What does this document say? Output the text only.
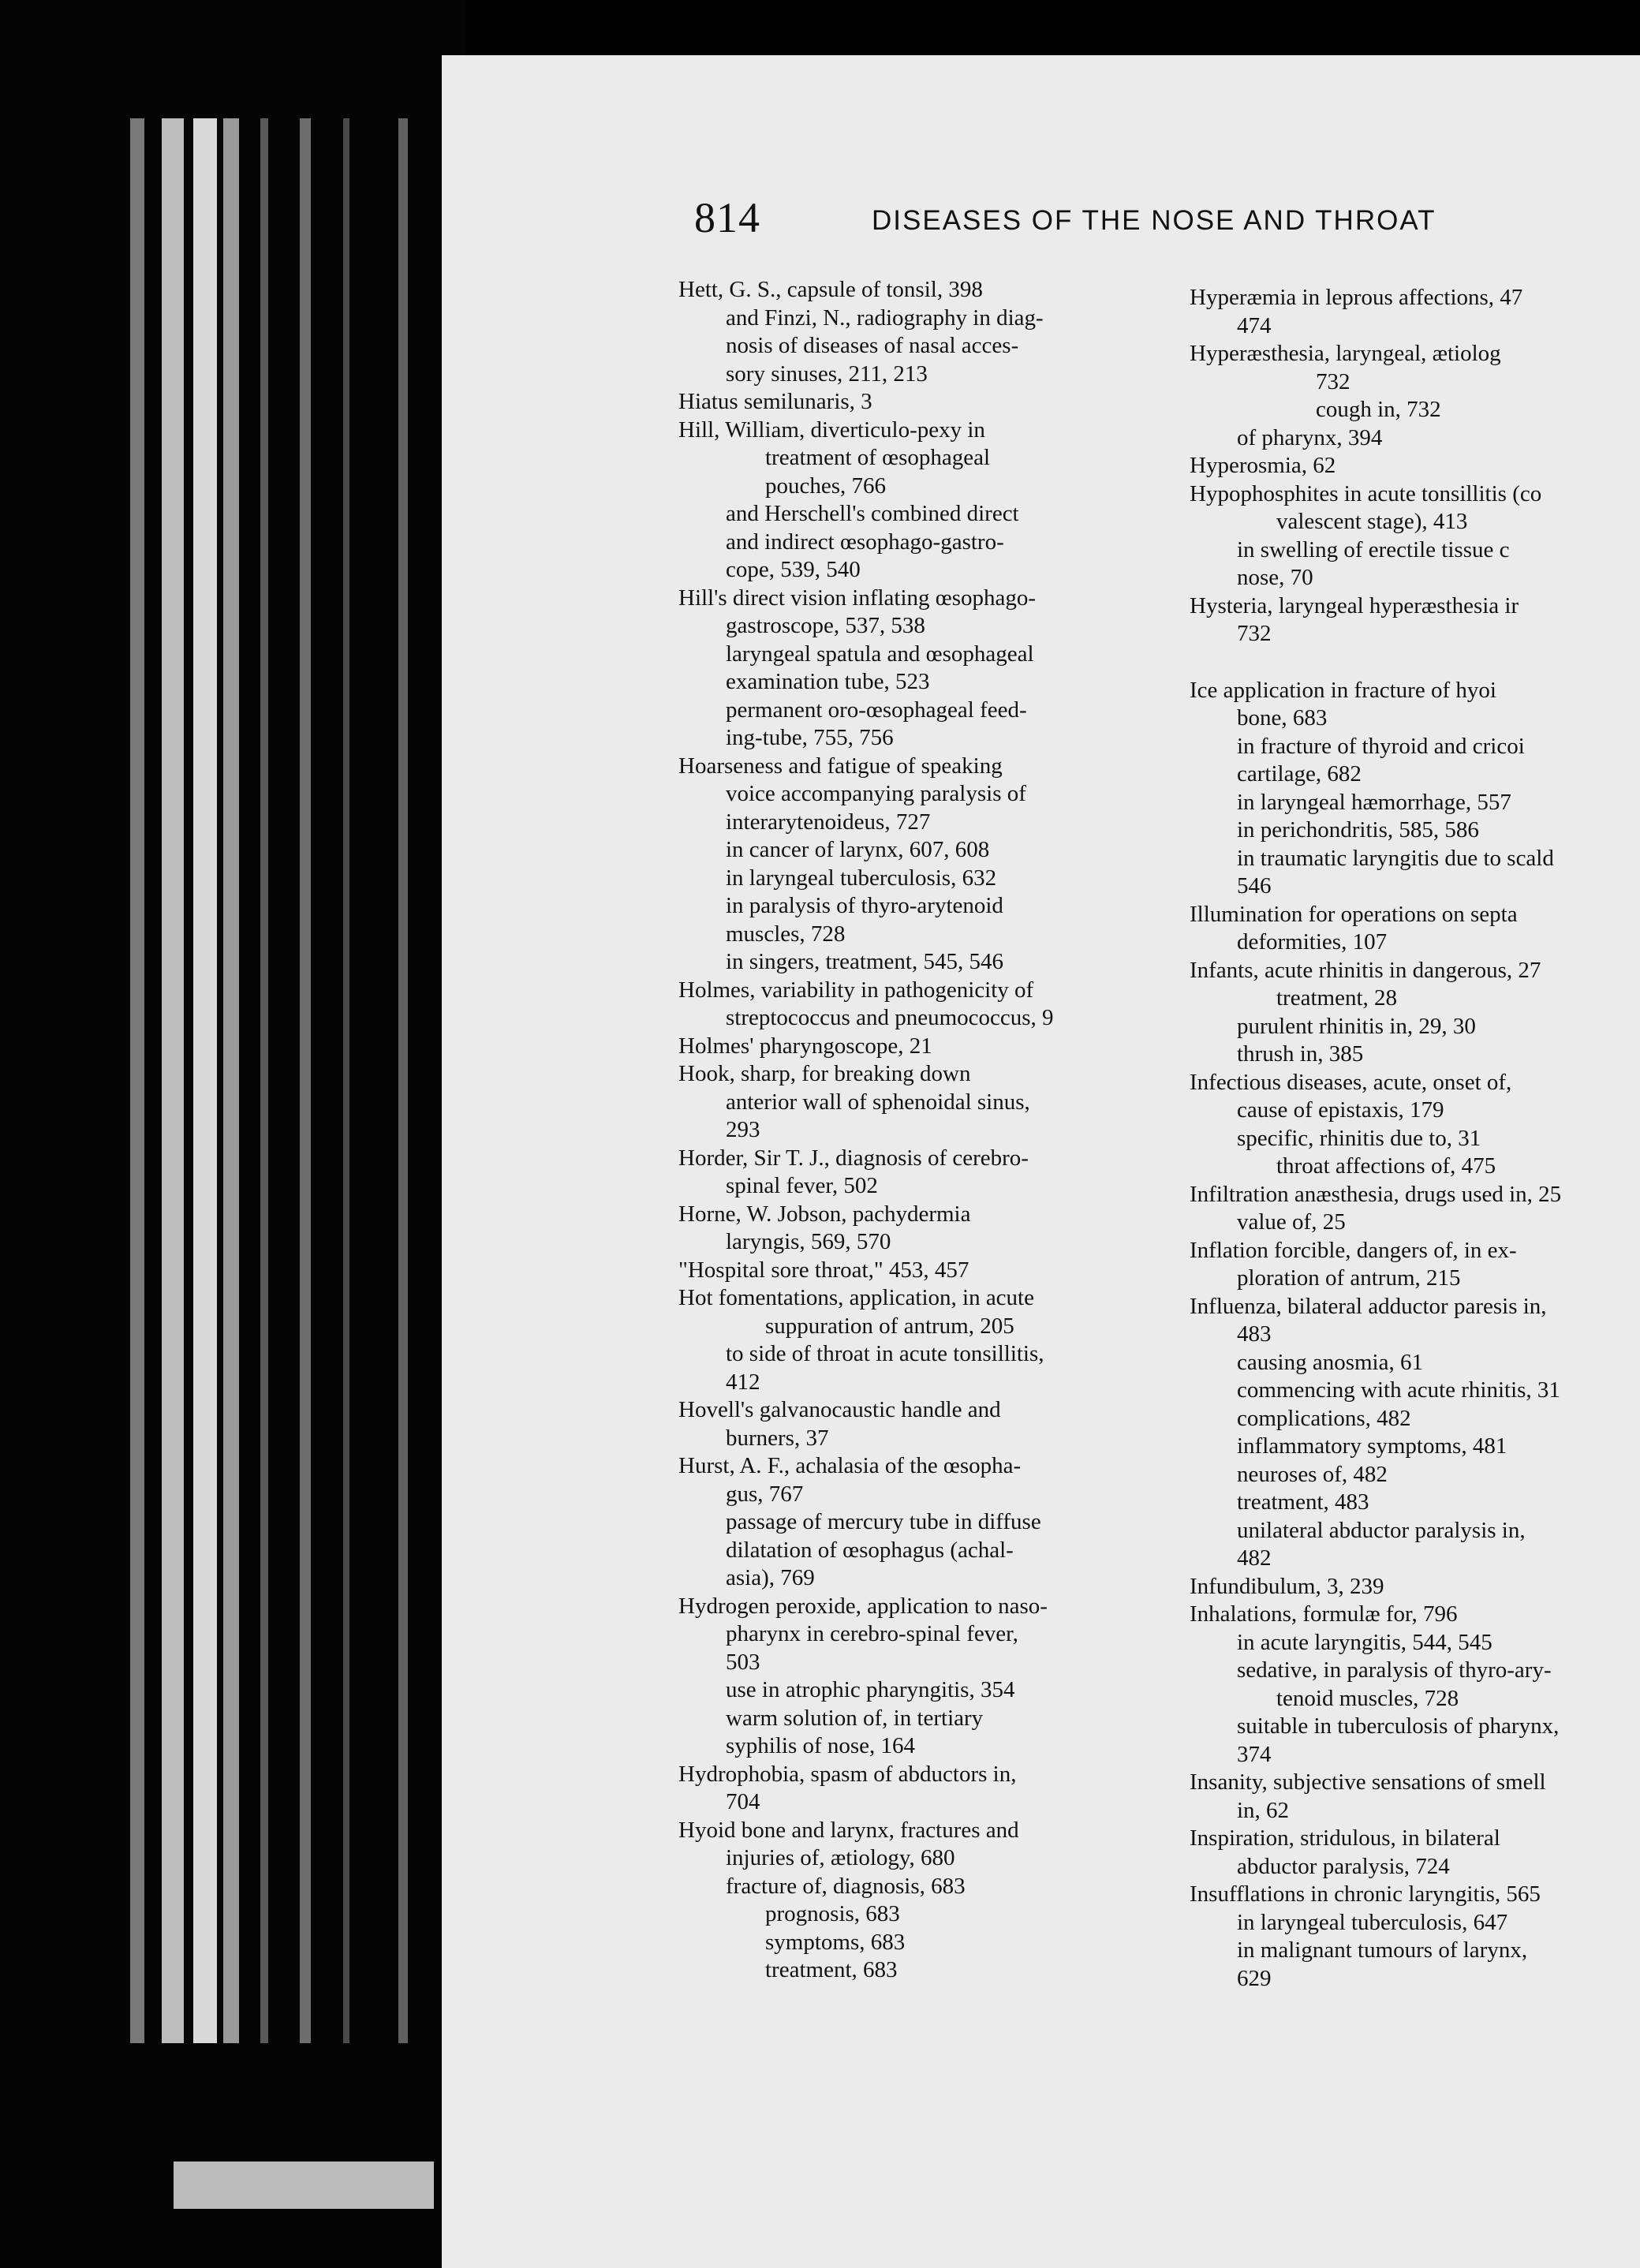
814	DISEASES OF THE NOSE AND THROAT
Hett, G. S., capsule of tonsil, 398
and Finzi, N., radiography in diag-
nosis of diseases of nasal acces-
sory sinuses, 211, 213
Hiatus semilunaris, 3
Hill, William, diverticulo-pexy in
treatment of œsophageal
pouches, 766
and Herschell's combined direct
and indirect œsophago-gastro-
cope, 539, 540
Hill's direct vision inflating œsophago-
gastroscope, 537, 538
laryngeal spatula and œsophageal
examination tube, 523
permanent oro-œsophageal feed-
ing-tube, 755, 756
Hoarseness and fatigue of speaking
voice accompanying paralysis of
interarytenoideus, 727
in cancer of larynx, 607, 608
in laryngeal tuberculosis, 632
in paralysis of thyro-arytenoid
muscles, 728
in singers, treatment, 545, 546
Holmes, variability in pathogenicity of
streptococcus and pneumococcus, 9
Holmes' pharyngoscope, 21
Hook, sharp, for breaking down
anterior wall of sphenoidal sinus,
293
Horder, Sir T. J., diagnosis of cerebro-
spinal fever, 502
Horne, W. Jobson, pachydermia
laryngis, 569, 570
"Hospital sore throat," 453, 457
Hot fomentations, application, in acute
suppuration of antrum, 205
to side of throat in acute tonsillitis,
412
Hovell's galvanocaustic handle and
burners, 37
Hurst, A. F., achalasia of the œsopha-
gus, 767
passage of mercury tube in diffuse
dilatation of œsophagus (achal-
asia), 769
Hydrogen peroxide, application to naso-
pharynx in cerebro-spinal fever,
503
use in atrophic pharyngitis, 354
warm solution of, in tertiary
syphilis of nose, 164
Hydrophobia, spasm of abductors in,
704
Hyoid bone and larynx, fractures and
injuries of, ætiology, 680
fracture of, diagnosis, 683
prognosis, 683
symptoms, 683
treatment, 683
Hyperæmia in leprous affections, 47
474
Hyperæsthesia, laryngeal, ætiolog
732
cough in, 732
of pharynx, 394
Hyperosmia, 62
Hypophosphites in acute tonsillitis (co
valescent stage), 413
in swelling of erectile tissue c
nose, 70
Hysteria, laryngeal hyperæsthesia ir
732
Ice application in fracture of hyoi
bone, 683
in fracture of thyroid and cricoi
cartilage, 682
in laryngeal hæmorrhage, 557
in perichondritis, 585, 586
in traumatic laryngitis due to scald
546
Illumination for operations on septa
deformities, 107
Infants, acute rhinitis in dangerous, 27
treatment, 28
purulent rhinitis in, 29, 30
thrush in, 385
Infectious diseases, acute, onset of,
cause of epistaxis, 179
specific, rhinitis due to, 31
throat affections of, 475
Infiltration anæsthesia, drugs used in, 25
value of, 25
Inflation forcible, dangers of, in ex-
ploration of antrum, 215
Influenza, bilateral adductor paresis in,
483
causing anosmia, 61
commencing with acute rhinitis, 31
complications, 482
inflammatory symptoms, 481
neuroses of, 482
treatment, 483
unilateral abductor paralysis in,
482
Infundibulum, 3, 239
Inhalations, formulæ for, 796
in acute laryngitis, 544, 545
sedative, in paralysis of thyro-ary-
tenoid muscles, 728
suitable in tuberculosis of pharynx,
374
Insanity, subjective sensations of smell
in, 62
Inspiration, stridulous, in bilateral
abductor paralysis, 724
Insufflations in chronic laryngitis, 565
in laryngeal tuberculosis, 647
in malignant tumours of larynx,
629
